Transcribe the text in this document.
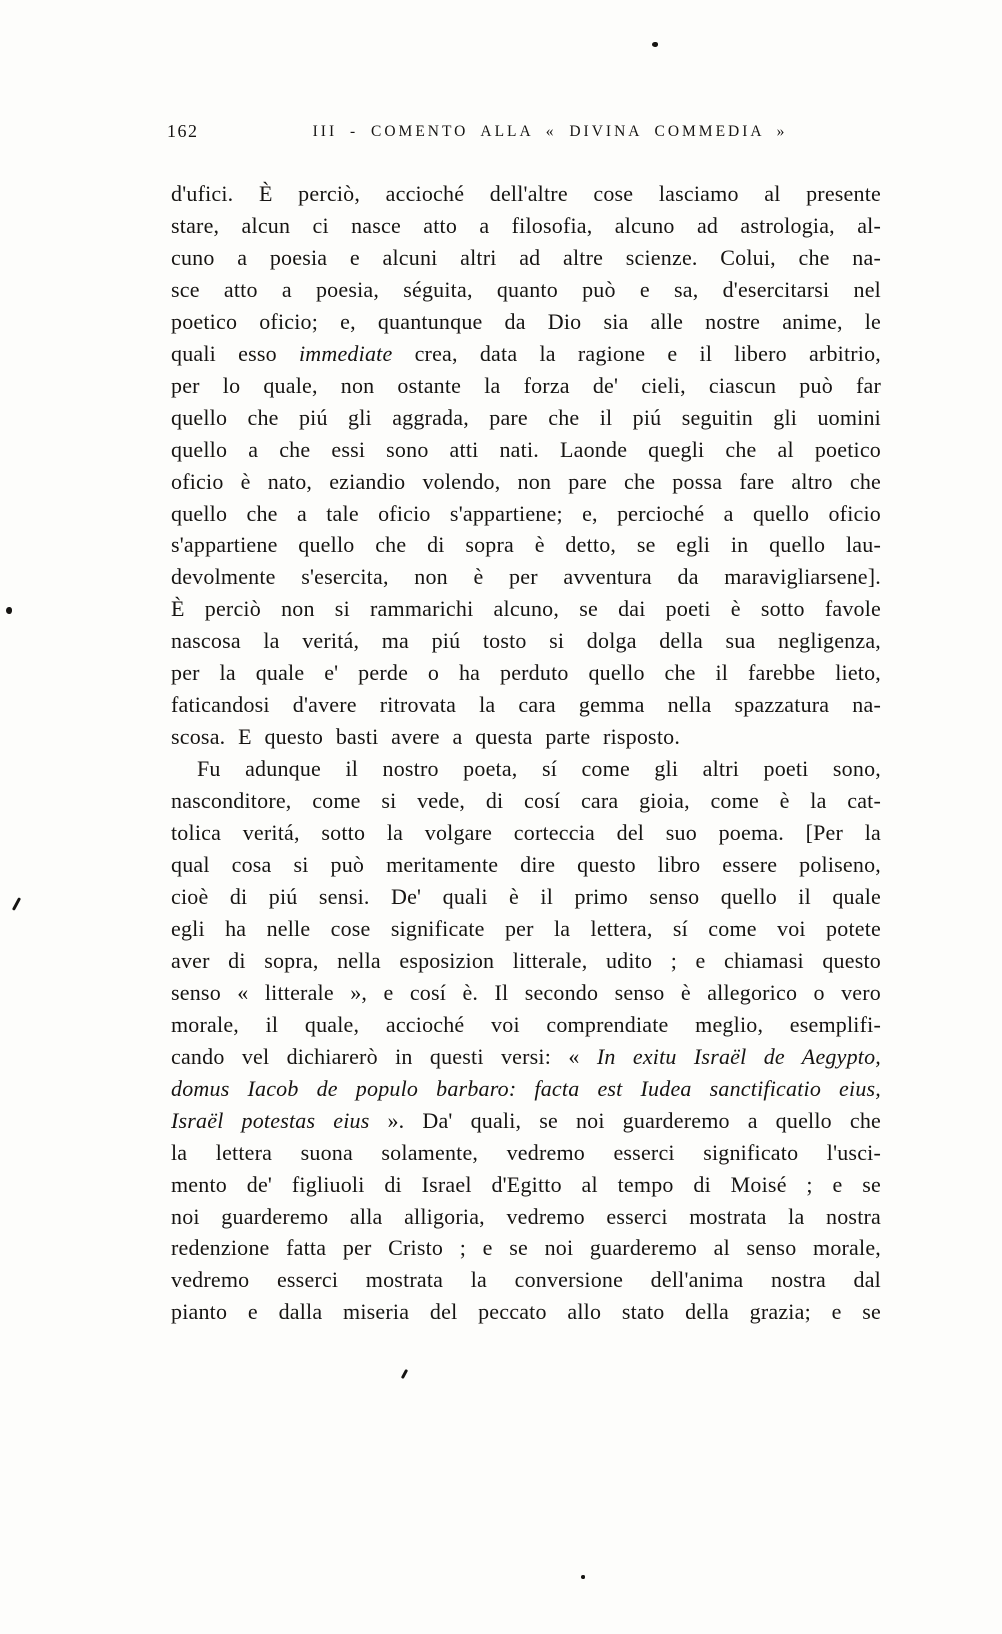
162	III - COMENTO ALLA « DIVINA COMMEDIA »
d'ufici. È perciò, accioché dell'altre cose lasciamo al presente
stare, alcun ci nasce atto a filosofia, alcuno ad astrologia, al-
cuno a poesia e alcuni altri ad altre scienze. Colui, che na-
sce atto a poesia, séguita, quanto può e sa, d'esercitarsi nel
poetico oficio; e, quantunque da Dio sia alle nostre anime, le
quali esso immediate crea, data la ragione e il libero arbitrio,
per lo quale, non ostante la forza de' cieli, ciascun può far
quello che piú gli aggrada, pare che il piú seguitin gli uomini
quello a che essi sono atti nati. Laonde quegli che al poetico
oficio è nato, eziandio volendo, non pare che possa fare altro che
quello che a tale oficio s'appartiene; e, percioché a quello oficio
s'appartiene quello che di sopra è detto, se egli in quello lau-
devolmente s'esercita, non è per avventura da maravigliarsene].
È perciò non si rammarichi alcuno, se dai poeti è sotto favole
nascosa la veritá, ma piú tosto si dolga della sua negligenza,
per la quale e' perde o ha perduto quello che il farebbe lieto,
faticandosi d'avere ritrovata la cara gemma nella spazzatura na-
scosa. E questo basti avere a questa parte risposto.
Fu adunque il nostro poeta, sí come gli altri poeti sono,
nasconditore, come si vede, di cosí cara gioia, come è la cat-
tolica veritá, sotto la volgare corteccia del suo poema. [Per la
qual cosa si può meritamente dire questo libro essere poliseno,
cioè di piú sensi. De' quali è il primo senso quello il quale
egli ha nelle cose significate per la lettera, sí come voi potete
aver di sopra, nella esposizion litterale, udito ; e chiamasi questo
senso « litterale », e cosí è. Il secondo senso è allegorico o vero
morale, il quale, accioché voi comprendiate meglio, esemplifi-
cando vel dichiarerò in questi versi: « In exitu Israël de Aegypto,
domus Iacob de populo barbaro: facta est Iudea sanctificatio eius,
Israël potestas eius ». Da' quali, se noi guarderemo a quello che
la lettera suona solamente, vedremo esserci significato l'usci-
mento de' figliuoli di Israel d'Egitto al tempo di Moisé ; e se
noi guarderemo alla alligoria, vedremo esserci mostrata la nostra
redenzione fatta per Cristo ; e se noi guarderemo al senso morale,
vedremo esserci mostrata la conversione dell'anima nostra dal
pianto e dalla miseria del peccato allo stato della grazia; e se
